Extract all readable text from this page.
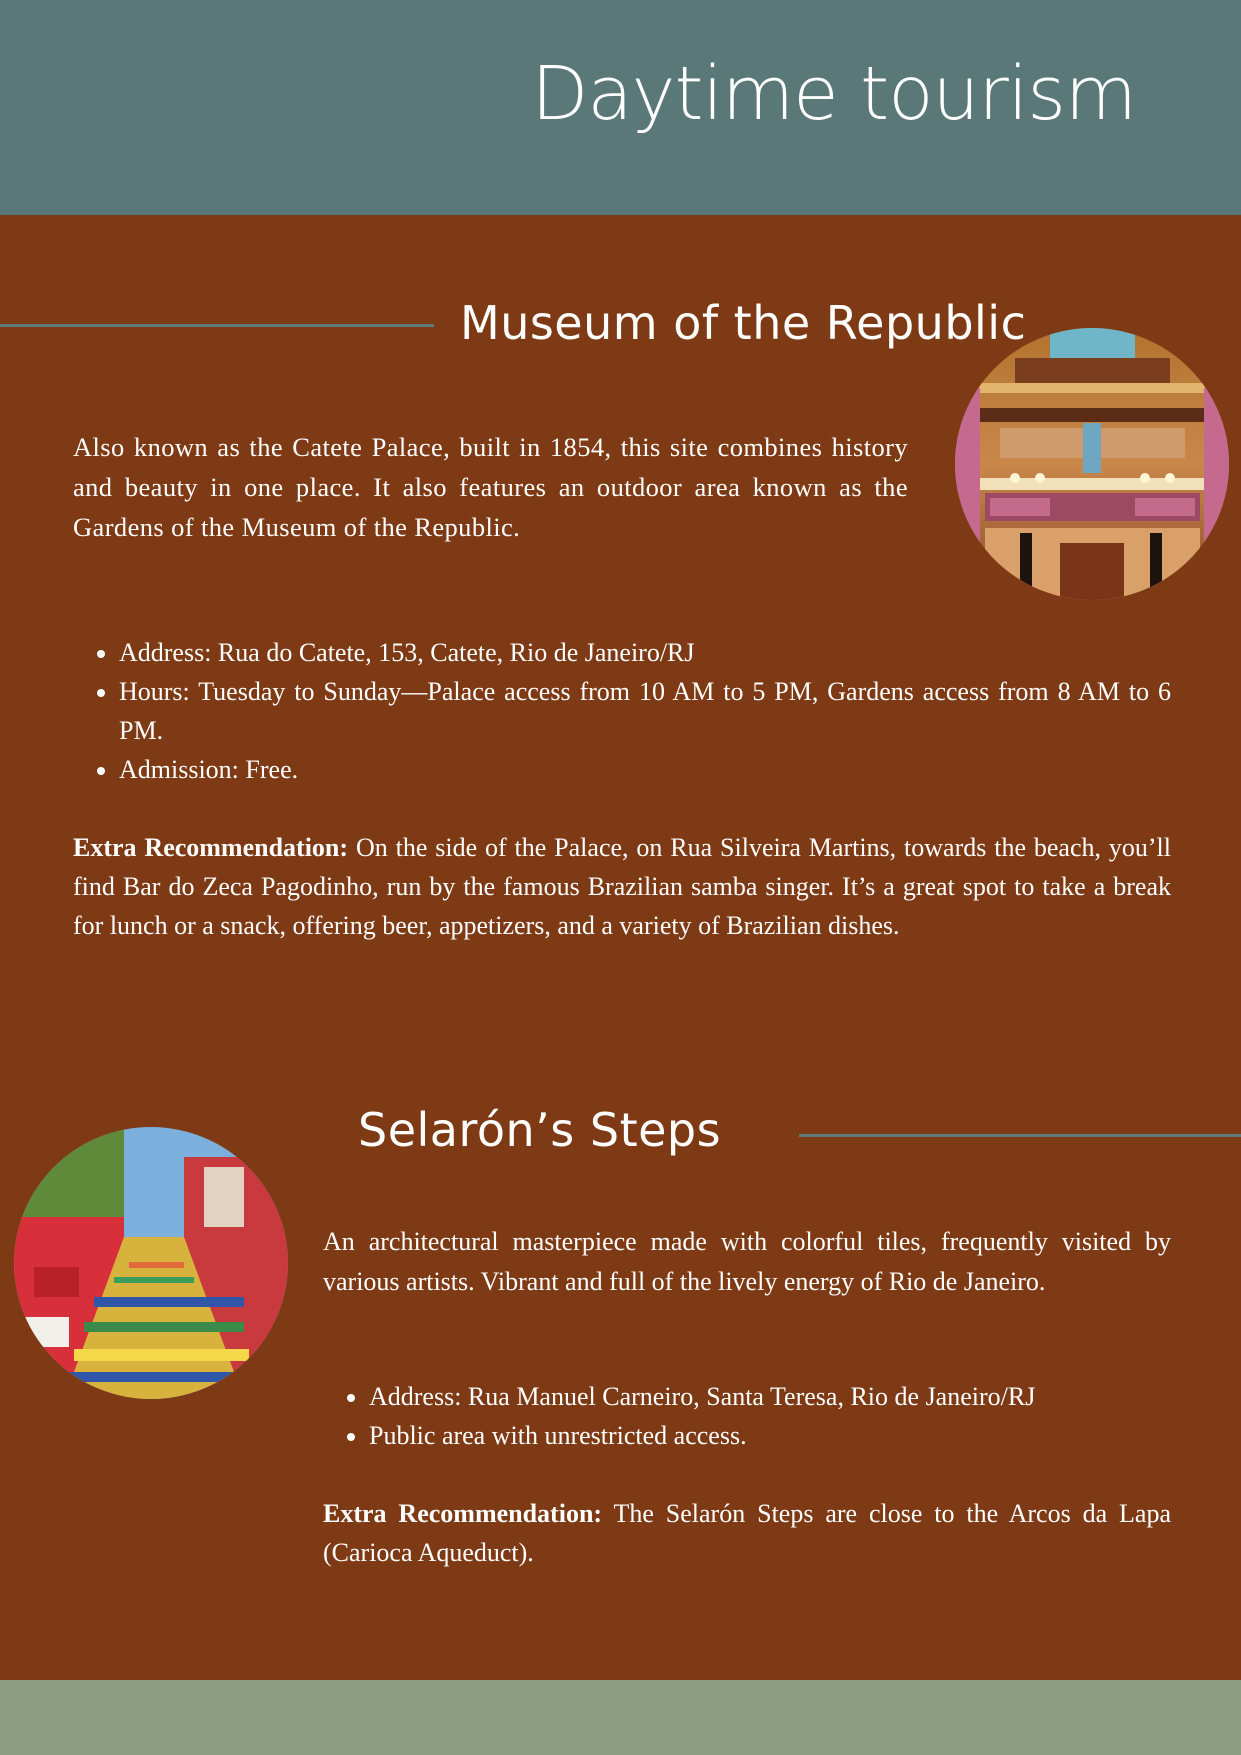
Daytime tourism
Museum of the Republic

Also known as the Catete Palace, built in 1854, this site combines history and beauty in one place. It also features an outdoor area known as the Gardens of the Museum of the Republic.

• Address: Rua do Catete, 153, Catete, Rio de Janeiro/RJ
• Hours: Tuesday to Sunday—Palace access from 10 AM to 5 PM, Gardens access from 8 AM to 6 PM.
• Admission: Free.

Extra Recommendation: On the side of the Palace, on Rua Silveira Martins, towards the beach, you’ll find Bar do Zeca Pagodinho, run by the famous Brazilian samba singer. It’s a great spot to take a break for lunch or a snack, offering beer, appetizers, and a variety of Brazilian dishes.

Selarón’s Steps

An architectural masterpiece made with colorful tiles, frequently visited by various artists. Vibrant and full of the lively energy of Rio de Janeiro.

• Address: Rua Manuel Carneiro, Santa Teresa, Rio de Janeiro/RJ
• Public area with unrestricted access.

Extra Recommendation: The Selarón Steps are close to the Arcos da Lapa (Carioca Aqueduct).
